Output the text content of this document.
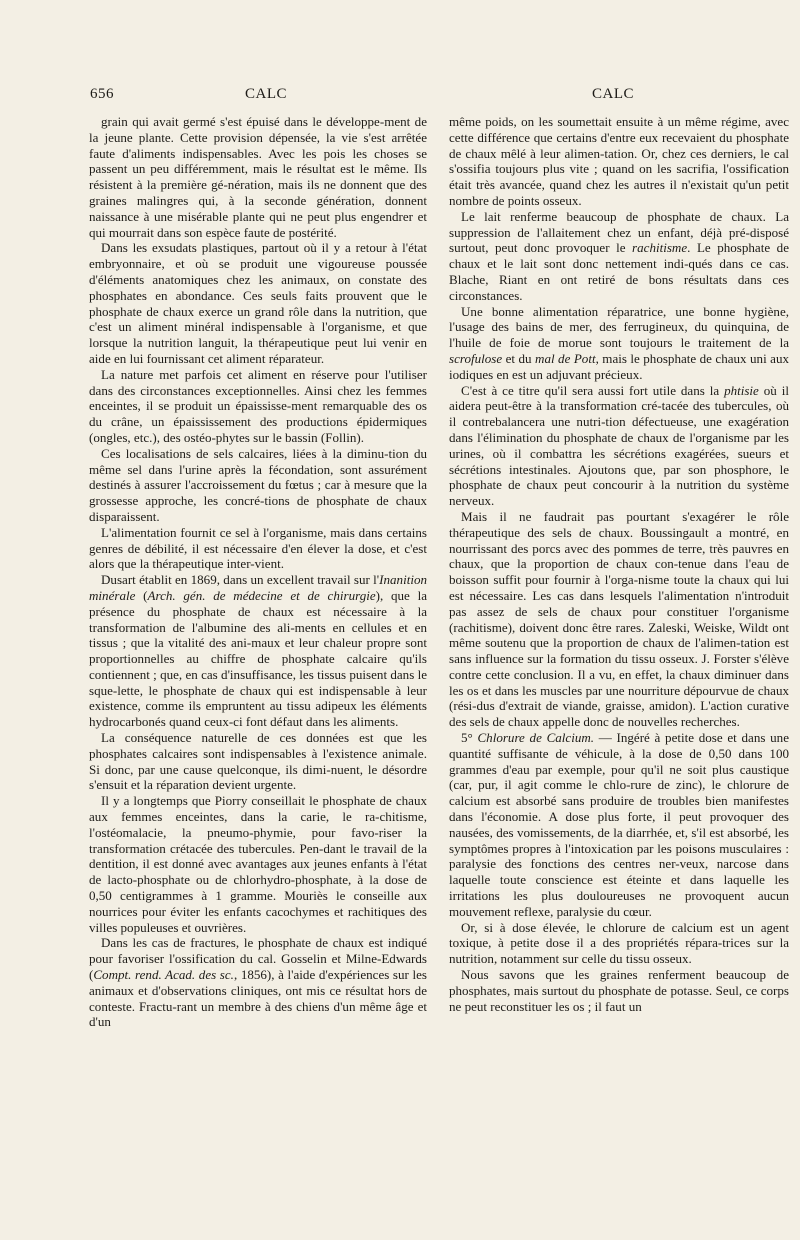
656	CALC	CALC

grain qui avait germé s'est épuisé dans le développe-ment de la jeune plante. Cette provision dépensée, la vie s'est arrêtée faute d'aliments indispensables. Avec les pois les choses se passent un peu différemment, mais le résultat est le même. Ils résistent à la première gé-nération, mais ils ne donnent que des graines malingres qui, à la seconde génération, donnent naissance à une misérable plante qui ne peut plus engendrer et qui mourrait dans son espèce faute de postérité.

Dans les exsudats plastiques, partout où il y a retour à l'état embryonnaire, et où se produit une vigoureuse poussée d'éléments anatomiques chez les animaux, on constate des phosphates en abondance. Ces seuls faits prouvent que le phosphate de chaux exerce un grand rôle dans la nutrition, que c'est un aliment minéral indispensable à l'organisme, et que lorsque la nutrition languit, la thérapeutique peut lui venir en aide en lui fournissant cet aliment réparateur.

La nature met parfois cet aliment en réserve pour l'utiliser dans des circonstances exceptionnelles. Ainsi chez les femmes enceintes, il se produit un épaississe-ment remarquable des os du crâne, un épaississement des productions épidermiques (ongles, etc.), des ostéo-phytes sur le bassin (Follin).

Ces localisations de sels calcaires, liées à la diminu-tion du même sel dans l'urine après la fécondation, sont assurément destinés à assurer l'accroissement du fœtus ; car à mesure que la grossesse approche, les concré-tions de phosphate de chaux disparaissent.

L'alimentation fournit ce sel à l'organisme, mais dans certains genres de débilité, il est nécessaire d'en élever la dose, et c'est alors que la thérapeutique inter-vient.

Dusart établit en 1869, dans un excellent travail sur l'Inanition minérale (Arch. gén. de médecine et de chirurgie), que la présence du phosphate de chaux est nécessaire à la transformation de l'albumine des ali-ments en cellules et en tissus ; que la vitalité des ani-maux et leur chaleur propre sont proportionnelles au chiffre de phosphate calcaire qu'ils contiennent ; que, en cas d'insuffisance, les tissus puisent dans le sque-lette, le phosphate de chaux qui est indispensable à leur existence, comme ils empruntent au tissu adipeux les éléments hydrocarbonés quand ceux-ci font défaut dans les aliments.

La conséquence naturelle de ces données est que les phosphates calcaires sont indispensables à l'existence animale. Si donc, par une cause quelconque, ils dimi-nuent, le désordre s'ensuit et la réparation devient urgente.

Il y a longtemps que Piorry conseillait le phosphate de chaux aux femmes enceintes, dans la carie, le ra-chitisme, l'ostéomalacie, la pneumo-phymie, pour favo-riser la transformation crétacée des tubercules. Pen-dant le travail de la dentition, il est donné avec avantages aux jeunes enfants à l'état de lacto-phosphate ou de chlorhydro-phosphate, à la dose de 0,50 centigrammes à 1 gramme. Mouriès le conseille aux nourrices pour éviter les enfants cacochymes et rachitiques des villes populeuses et ouvrières.

Dans les cas de fractures, le phosphate de chaux est indiqué pour favoriser l'ossification du cal. Gosselin et Milne-Edwards (Compt. rend. Acad. des sc., 1856), à l'aide d'expériences sur les animaux et d'observations cliniques, ont mis ce résultat hors de conteste. Fractu-rant un membre à des chiens d'un même âge et d'un

même poids, on les soumettait ensuite à un même régime, avec cette différence que certains d'entre eux recevaient du phosphate de chaux mêlé à leur alimen-tation. Or, chez ces derniers, le cal s'ossifia toujours plus vite ; quand on les sacrifia, l'ossification était très avancée, quand chez les autres il n'existait qu'un petit nombre de points osseux.

Le lait renferme beaucoup de phosphate de chaux. La suppression de l'allaitement chez un enfant, déjà pré-disposé surtout, peut donc provoquer le rachitisme. Le phosphate de chaux et le lait sont donc nettement indi-qués dans ce cas. Blache, Riant en ont retiré de bons résultats dans ces circonstances.

Une bonne alimentation réparatrice, une bonne hygiène, l'usage des bains de mer, des ferrugineux, du quinquina, de l'huile de foie de morue sont toujours le traitement de la scrofulose et du mal de Pott, mais le phosphate de chaux uni aux iodiques en est un adjuvant précieux.

C'est à ce titre qu'il sera aussi fort utile dans la phtisie où il aidera peut-être à la transformation cré-tacée des tubercules, où il contrebalancera une nutri-tion défectueuse, une exagération dans l'élimination du phosphate de chaux de l'organisme par les urines, où il combattra les sécrétions exagérées, sueurs et sécrétions intestinales. Ajoutons que, par son phosphore, le phosphate de chaux peut concourir à la nutrition du système nerveux.

Mais il ne faudrait pas pourtant s'exagérer le rôle thérapeutique des sels de chaux. Boussingault a montré, en nourrissant des porcs avec des pommes de terre, très pauvres en chaux, que la proportion de chaux con-tenue dans l'eau de boisson suffit pour fournir à l'orga-nisme toute la chaux qui lui est nécessaire. Les cas dans lesquels l'alimentation n'introduit pas assez de sels de chaux pour constituer l'organisme (rachitisme), doivent donc être rares. Zaleski, Weiske, Wildt ont même soutenu que la proportion de chaux de l'alimen-tation est sans influence sur la formation du tissu osseux. J. Forster s'élève contre cette conclusion. Il a vu, en effet, la chaux diminuer dans les os et dans les muscles par une nourriture dépourvue de chaux (rési-dus d'extrait de viande, graisse, amidon). L'action curative des sels de chaux appelle donc de nouvelles recherches.

5° Chlorure de Calcium. — Ingéré à petite dose et dans une quantité suffisante de véhicule, à la dose de 0,50 dans 100 grammes d'eau par exemple, pour qu'il ne soit plus caustique (car, pur, il agit comme le chlo-rure de zinc), le chlorure de calcium est absorbé sans produire de troubles bien manifestes dans l'économie. A dose plus forte, il peut provoquer des nausées, des vomissements, de la diarrhée, et, s'il est absorbé, les symptômes propres à l'intoxication par les poisons musculaires : paralysie des fonctions des centres ner-veux, narcose dans laquelle toute conscience est éteinte et dans laquelle les irritations les plus douloureuses ne provoquent aucun mouvement reflexe, paralysie du cœur.

Or, si à dose élevée, le chlorure de calcium est un agent toxique, à petite dose il a des propriétés répara-trices sur la nutrition, notamment sur celle du tissu osseux.

Nous savons que les graines renferment beaucoup de phosphates, mais surtout du phosphate de potasse. Seul, ce corps ne peut reconstituer les os ; il faut un
